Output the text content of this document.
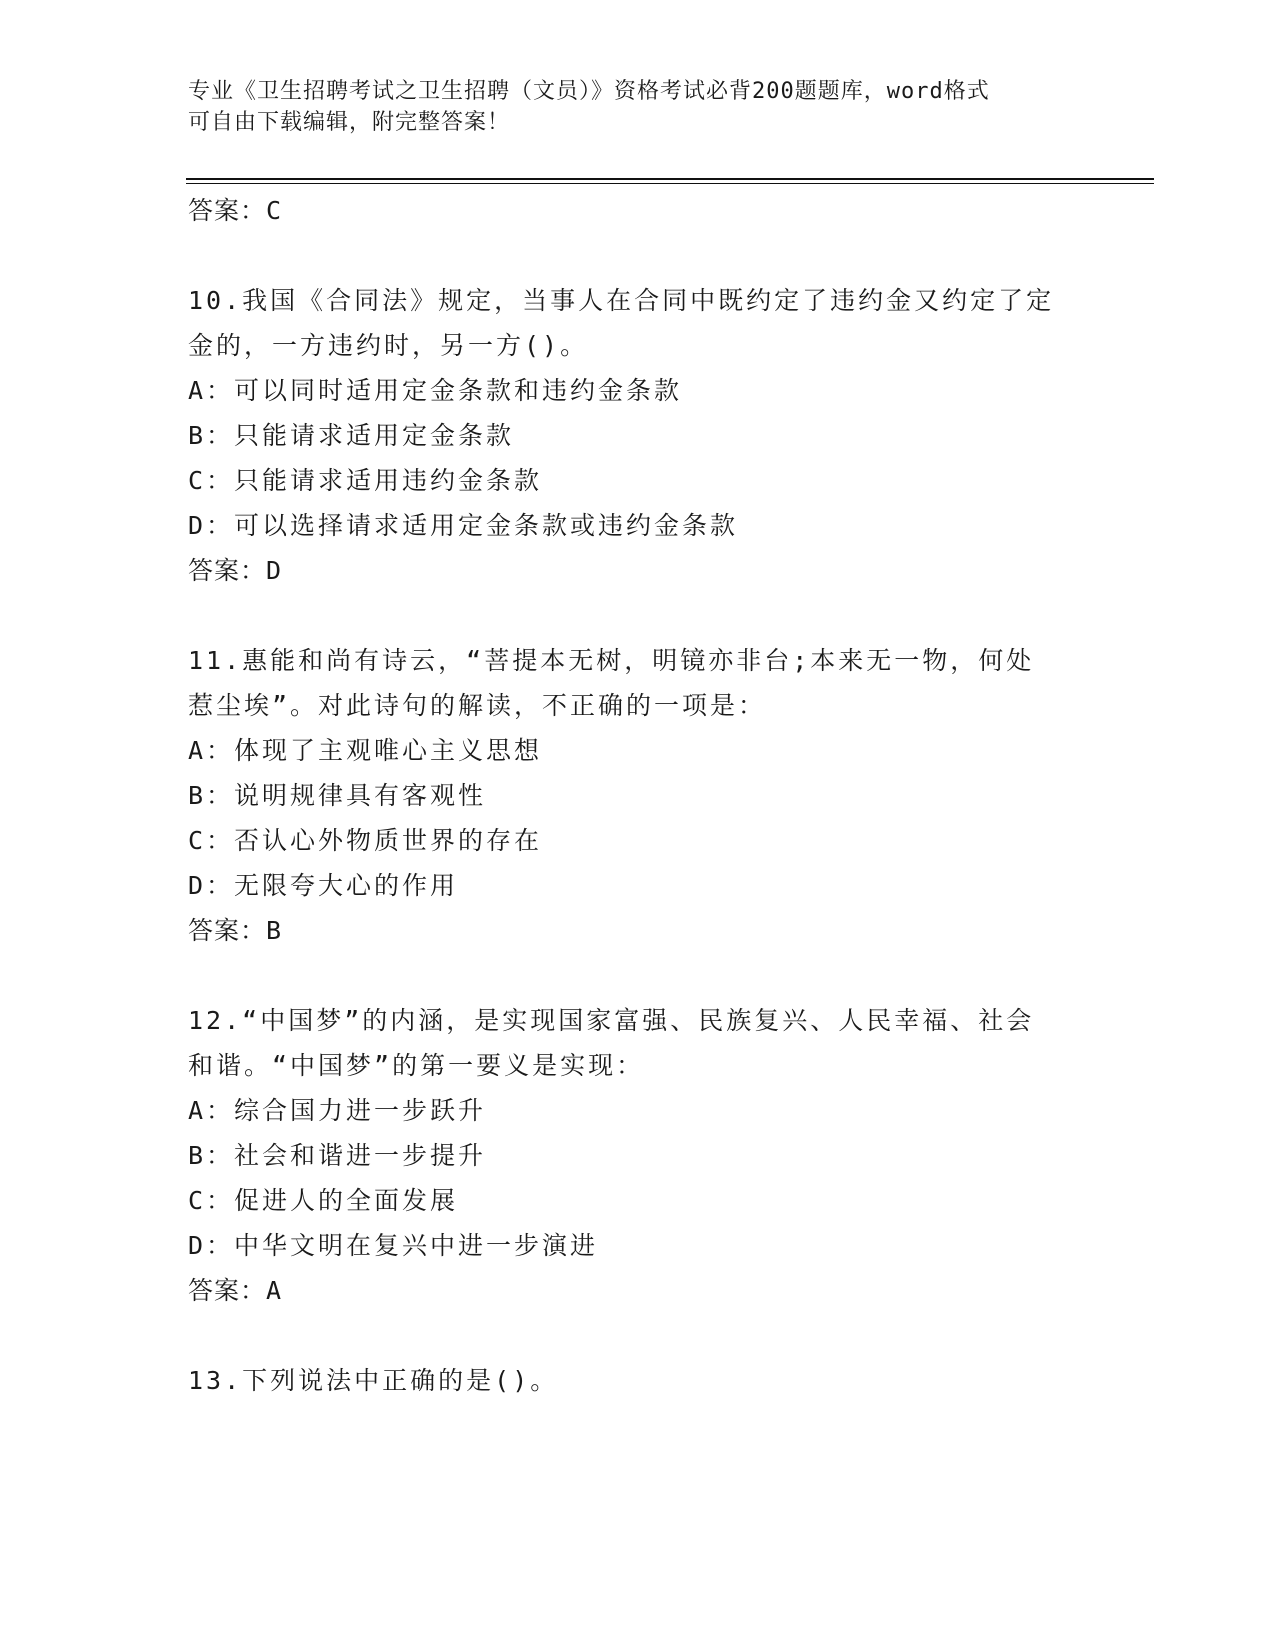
专业《卫生招聘考试之卫生招聘（文员）》资格考试必背200题题库，word格式
可自由下载编辑，附完整答案！
答案：C
10.我国《合同法》规定，当事人在合同中既约定了违约金又约定了定
金的，一方违约时，另一方()。
A：可以同时适用定金条款和违约金条款
B：只能请求适用定金条款
C：只能请求适用违约金条款
D：可以选择请求适用定金条款或违约金条款
答案：D
11.惠能和尚有诗云，“菩提本无树，明镜亦非台;本来无一物，何处
惹尘埃”。对此诗句的解读，不正确的一项是：
A：体现了主观唯心主义思想
B：说明规律具有客观性
C：否认心外物质世界的存在
D：无限夸大心的作用
答案：B
12.“中国梦”的内涵，是实现国家富强、民族复兴、人民幸福、社会
和谐。“中国梦”的第一要义是实现：
A：综合国力进一步跃升
B：社会和谐进一步提升
C：促进人的全面发展
D：中华文明在复兴中进一步演进
答案：A
13.下列说法中正确的是()。
